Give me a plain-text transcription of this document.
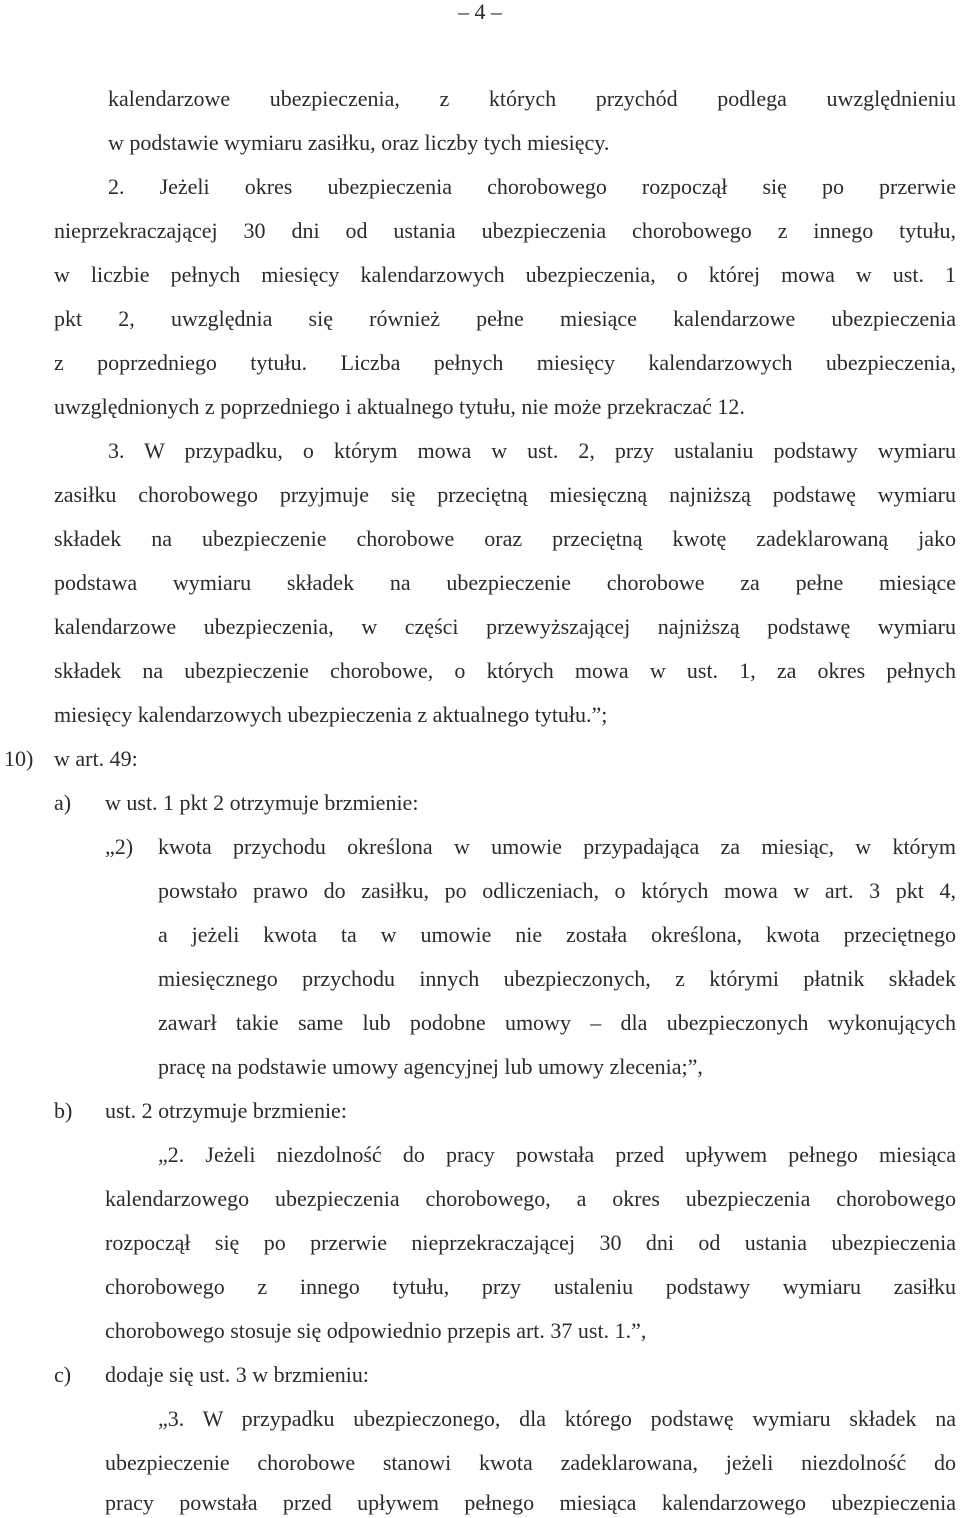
– 4 –
kalendarzowe ubezpieczenia, z których przychód podlega uwzględnieniu
w podstawie wymiaru zasiłku, oraz liczby tych miesięcy.
2. Jeżeli okres ubezpieczenia chorobowego rozpoczął się po przerwie
nieprzekraczającej 30 dni od ustania ubezpieczenia chorobowego z innego tytułu,
w liczbie pełnych miesięcy kalendarzowych ubezpieczenia, o której mowa w ust. 1
pkt 2, uwzględnia się również pełne miesiące kalendarzowe ubezpieczenia
z poprzedniego tytułu. Liczba pełnych miesięcy kalendarzowych ubezpieczenia,
uwzględnionych z poprzedniego i aktualnego tytułu, nie może przekraczać 12.
3. W przypadku, o którym mowa w ust. 2, przy ustalaniu podstawy wymiaru
zasiłku chorobowego przyjmuje się przeciętną miesięczną najniższą podstawę wymiaru
składek na ubezpieczenie chorobowe oraz przeciętną kwotę zadeklarowaną jako
podstawa wymiaru składek na ubezpieczenie chorobowe za pełne miesiące
kalendarzowe ubezpieczenia, w części przewyższającej najniższą podstawę wymiaru
składek na ubezpieczenie chorobowe, o których mowa w ust. 1, za okres pełnych
miesięcy kalendarzowych ubezpieczenia z aktualnego tytułu.”;
10) w art. 49:
a) w ust. 1 pkt 2 otrzymuje brzmienie:
„2) kwota przychodu określona w umowie przypadająca za miesiąc, w którym
powstało prawo do zasiłku, po odliczeniach, o których mowa w art. 3 pkt 4,
a jeżeli kwota ta w umowie nie została określona, kwota przeciętnego
miesięcznego przychodu innych ubezpieczonych, z którymi płatnik składek
zawarł takie same lub podobne umowy – dla ubezpieczonych wykonujących
pracę na podstawie umowy agencyjnej lub umowy zlecenia;”,
b) ust. 2 otrzymuje brzmienie:
„2. Jeżeli niezdolność do pracy powstała przed upływem pełnego miesiąca
kalendarzowego ubezpieczenia chorobowego, a okres ubezpieczenia chorobowego
rozpoczął się po przerwie nieprzekraczającej 30 dni od ustania ubezpieczenia
chorobowego z innego tytułu, przy ustaleniu podstawy wymiaru zasiłku
chorobowego stosuje się odpowiednio przepis art. 37 ust. 1.”,
c) dodaje się ust. 3 w brzmieniu:
„3. W przypadku ubezpieczonego, dla którego podstawę wymiaru składek na
ubezpieczenie chorobowe stanowi kwota zadeklarowana, jeżeli niezdolność do
pracy powstała przed upływem pełnego miesiąca kalendarzowego ubezpieczenia
